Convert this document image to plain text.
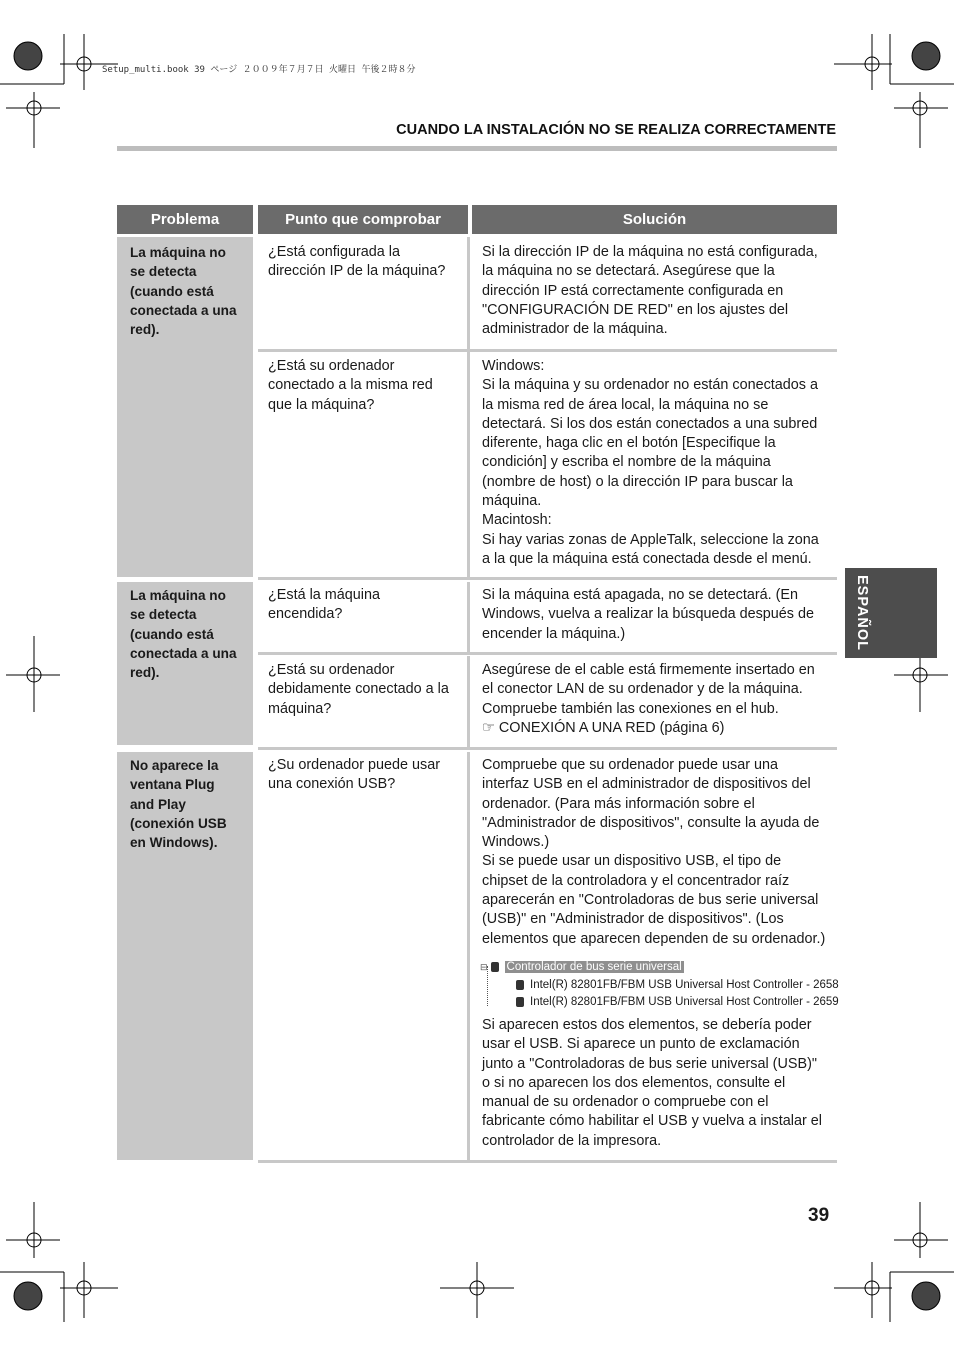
Setup_multi.book 39 ページ ２００９年７月７日 火曜日 午後２時８分
CUANDO LA INSTALACIÓN NO SE REALIZA CORRECTAMENTE
Problema	Punto que comprobar	Solución
La máquina no
se detecta
(cuando está
conectada a una
red).
¿Está configurada la
dirección IP de la máquina?
Si la dirección IP de la máquina no está configurada,
la máquina no se detectará. Asegúrese que la
dirección IP está correctamente configurada en
"CONFIGURACIÓN DE RED" en los ajustes del
administrador de la máquina.
¿Está su ordenador
conectado a la misma red
que la máquina?
Windows:
Si la máquina y su ordenador no están conectados a
la misma red de área local, la máquina no se
detectará. Si los dos están conectados a una subred
diferente, haga clic en el botón [Especifique la
condición] y escriba el nombre de la máquina
(nombre de host) o la dirección IP para buscar la
máquina.
Macintosh:
Si hay varias zonas de AppleTalk, seleccione la zona
a la que la máquina está conectada desde el menú.
La máquina no
se detecta
(cuando está
conectada a una
red).
¿Está la máquina
encendida?
Si la máquina está apagada, no se detectará. (En
Windows, vuelva a realizar la búsqueda después de
encender la máquina.)
¿Está su ordenador
debidamente conectado a la
máquina?
Asegúrese de el cable está firmemente insertado en
el conector LAN de su ordenador y de la máquina.
Compruebe también las conexiones en el hub.
☞ CONEXIÓN A UNA RED (página 6)
No aparece la
ventana Plug
and Play
(conexión USB
en Windows).
¿Su ordenador puede usar
una conexión USB?
Compruebe que su ordenador puede usar una
interfaz USB en el administrador de dispositivos del
ordenador. (Para más información sobre el
"Administrador de dispositivos", consulte la ayuda de
Windows.)
Si se puede usar un dispositivo USB, el tipo de
chipset de la controladora y el concentrador raíz
aparecerán en "Controladoras de bus serie universal
(USB)" en "Administrador de dispositivos". (Los
elementos que aparecen dependen de su ordenador.)
⊟ Controlador de bus serie universal
Intel(R) 82801FB/FBM USB Universal Host Controller - 2658
Intel(R) 82801FB/FBM USB Universal Host Controller - 2659
Si aparecen estos dos elementos, se debería poder
usar el USB. Si aparece un punto de exclamación
junto a "Controladoras de bus serie universal (USB)"
o si no aparecen los dos elementos, consulte el
manual de su ordenador o compruebe con el
fabricante cómo habilitar el USB y vuelva a instalar el
controlador de la impresora.
ESPAÑOL
39
